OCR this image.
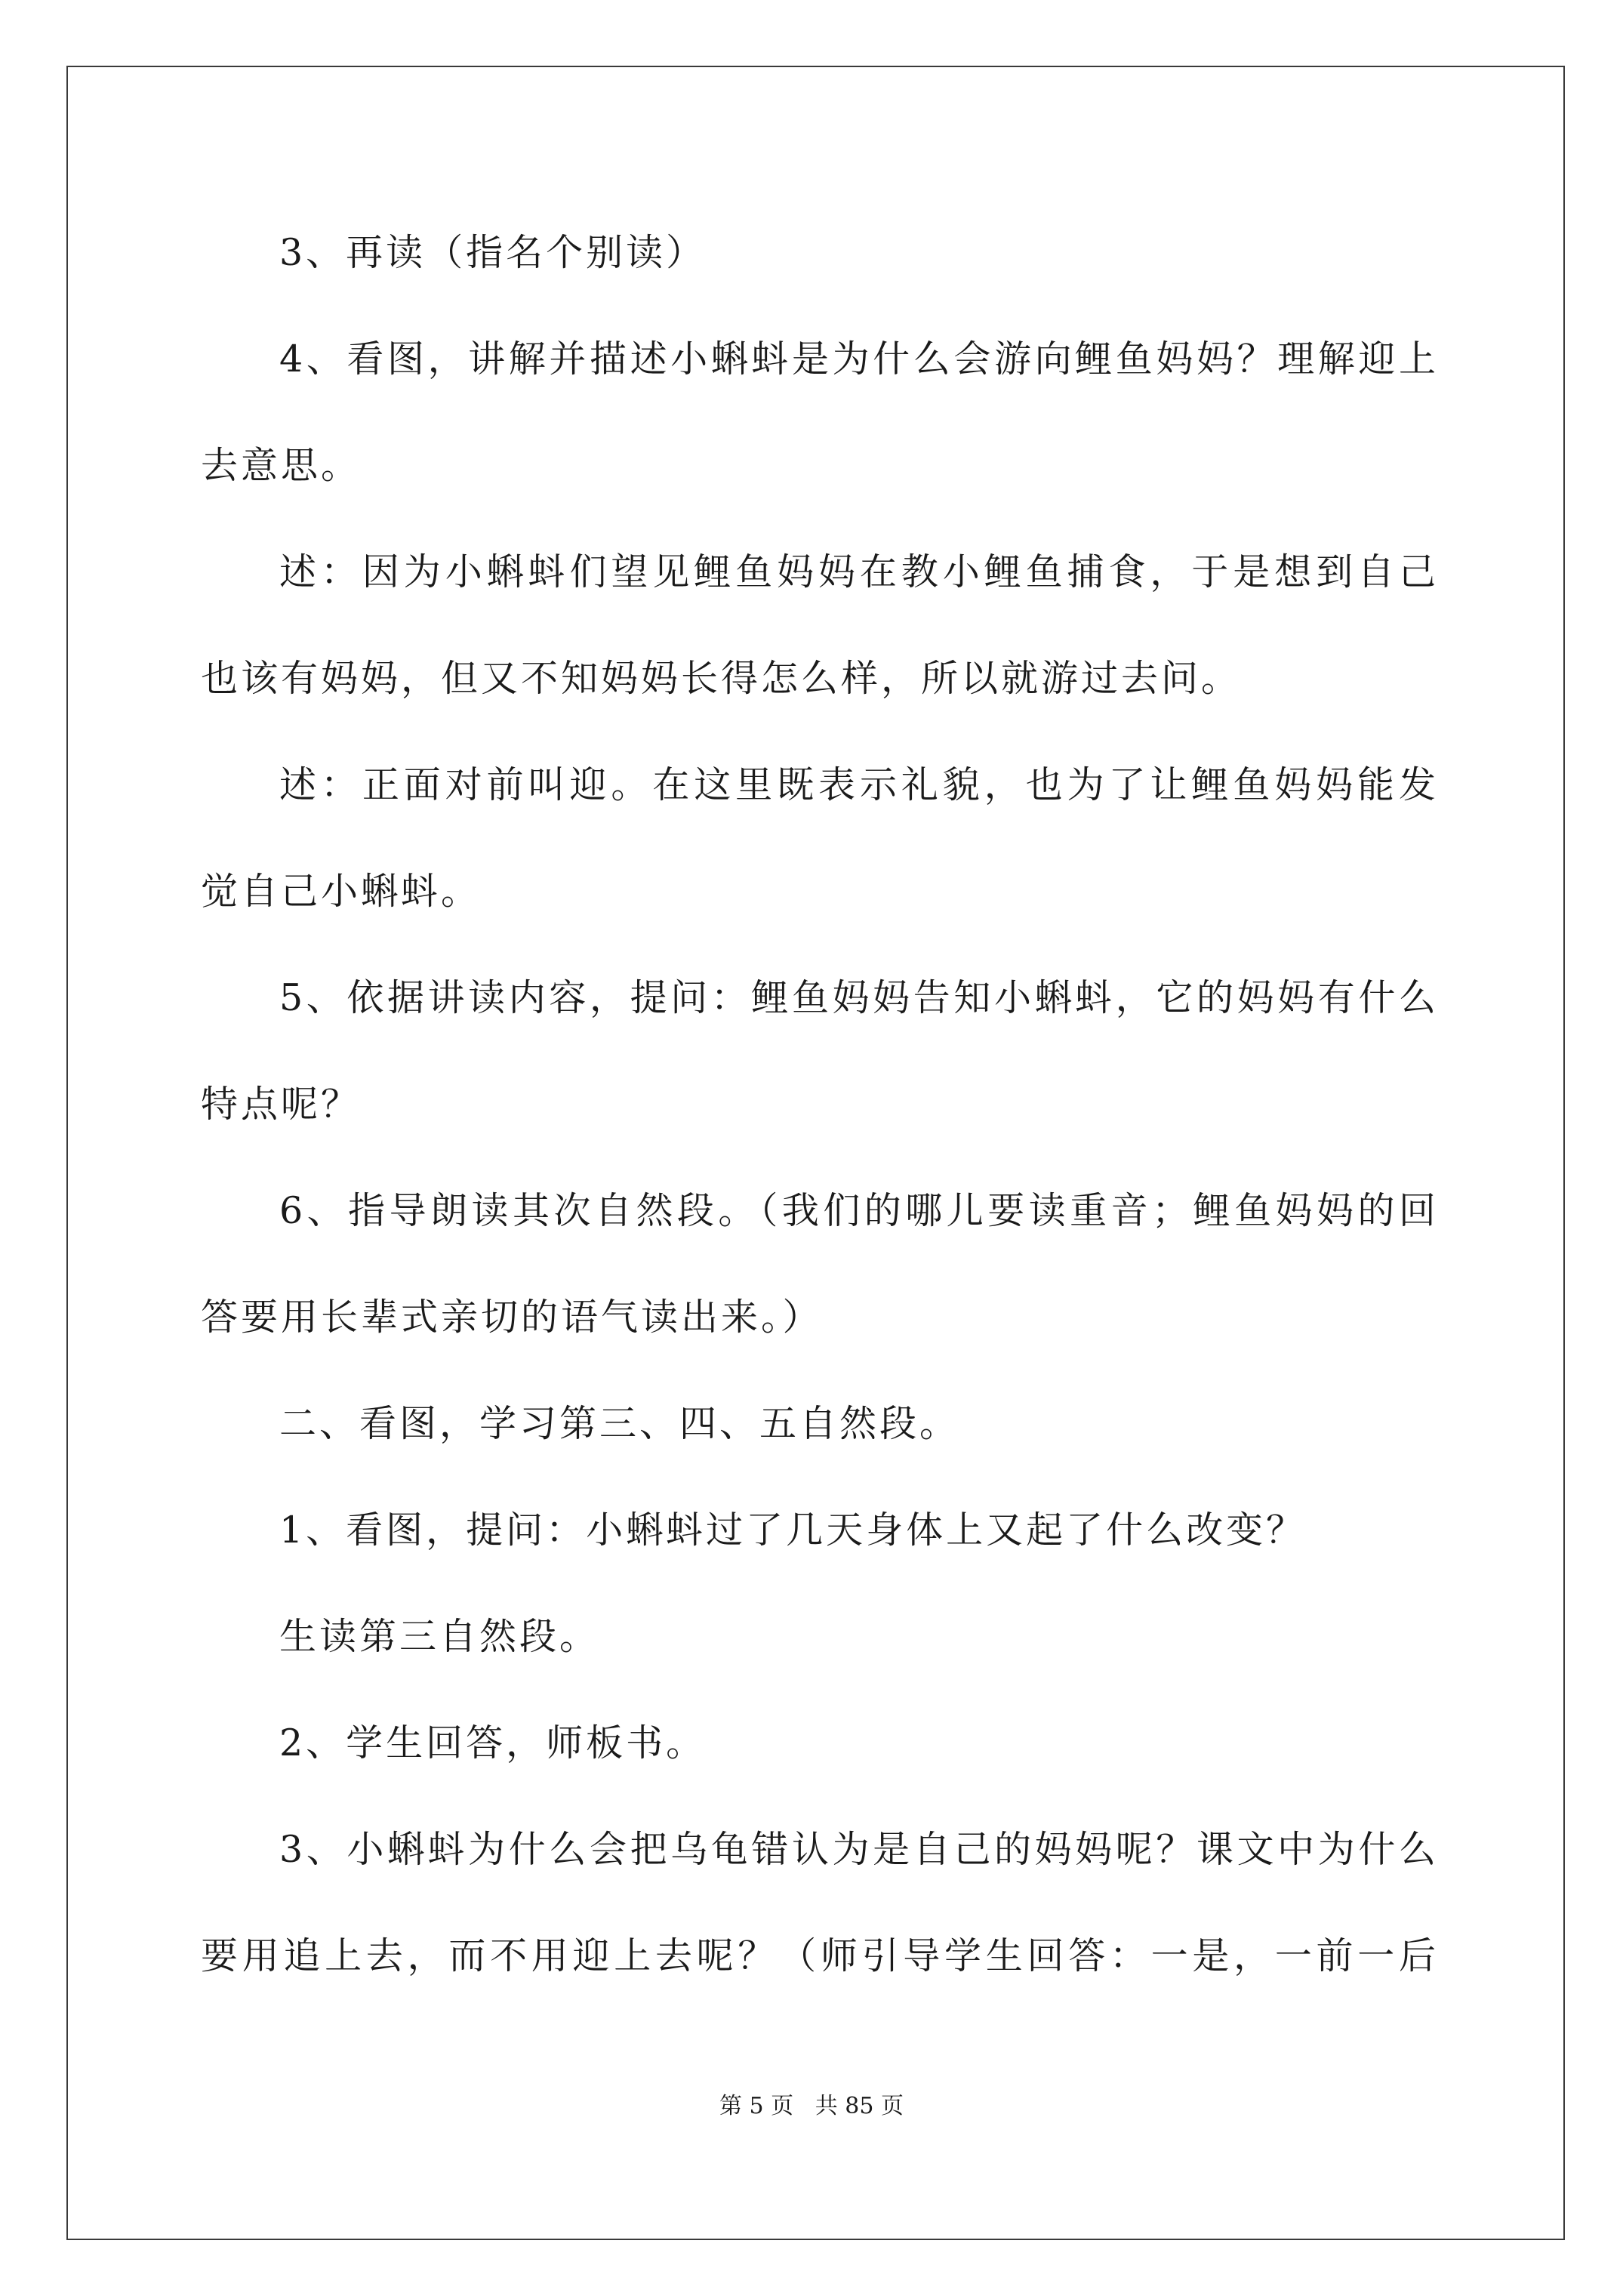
3、再读（指名个别读）
4、看图，讲解并描述小蝌蚪是为什么会游向鲤鱼妈妈？理解迎上
去意思。
述：因为小蝌蚪们望见鲤鱼妈妈在教小鲤鱼捕食，于是想到自己
也该有妈妈，但又不知妈妈长得怎么样，所以就游过去问。
述：正面对前叫迎。在这里既表示礼貌，也为了让鲤鱼妈妈能发
觉自己小蝌蚪。
5、依据讲读内容，提问：鲤鱼妈妈告知小蝌蚪，它的妈妈有什么
特点呢？
6、指导朗读其次自然段。（我们的哪儿要读重音；鲤鱼妈妈的回
答要用长辈式亲切的语气读出来。）
二、看图，学习第三、四、五自然段。
1、看图，提问：小蝌蚪过了几天身体上又起了什么改变？
生读第三自然段。
2、学生回答，师板书。
3、小蝌蚪为什么会把乌龟错认为是自己的妈妈呢？课文中为什么
要用追上去，而不用迎上去呢？（师引导学生回答：一是，一前一后
第 5 页   共 85 页
